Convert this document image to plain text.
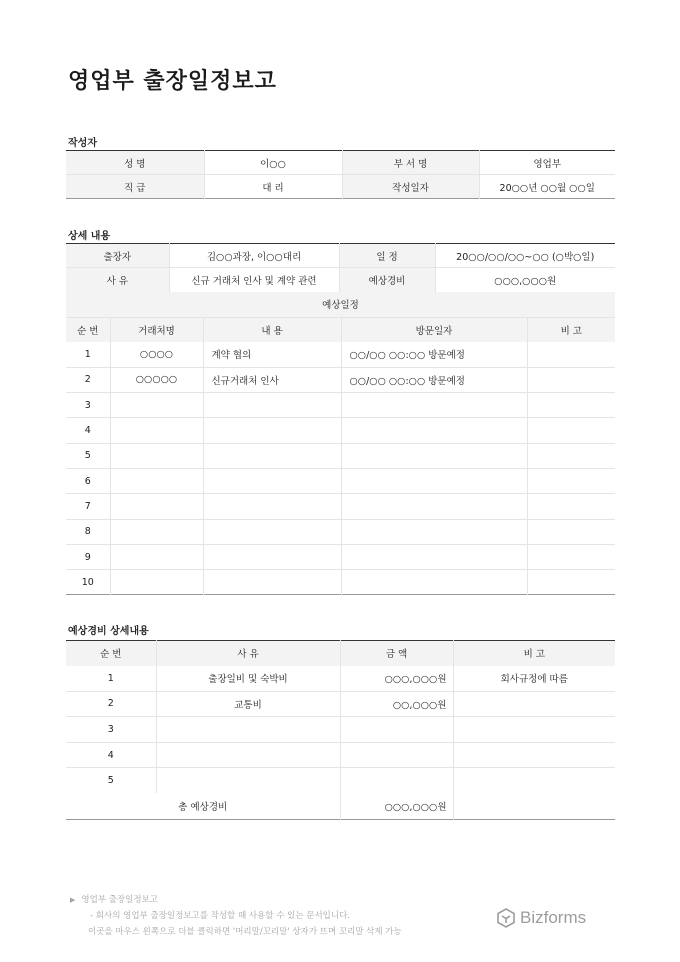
영업부 출장일정보고
작성자
성 명	이○○	부 서 명	영업부
직 급	대 리	작성일자	20○○년 ○○월 ○○일
상세 내용
출장자	김○○과장, 이○○대리	일 정	20○○/○○/○○~○○ (○박○일)
사 유	신규 거래처 인사 및 계약 관련	예상경비	○○○,○○○원
예상일정				
순 번	거래처명	내 용	방문일자	비 고
1	○○○○	계약 협의	○○/○○ ○○:○○ 방문예정	
2	○○○○○	신규거래처 인사	○○/○○ ○○:○○ 방문예정	
3				
4				
5				
6				
7				
8				
9				
10				
예상경비 상세내용
순 번	사 유	금 액	비 고
1	출장일비 및 숙박비	○○○,○○○원	회사규정에 따름
2	교통비	○○,○○○원	
3			
4			
5			
총 예상경비		○○○,○○○원	
▶ 영업부 출장일정보고
- 회사의 영업부 출장일정보고를 작성할 때 사용할 수 있는 문서입니다.
이곳을 마우스 왼쪽으로 더블 클릭하면 '머리말/꼬리말' 상자가 뜨며 꼬리말 삭제 가능
Bizforms
